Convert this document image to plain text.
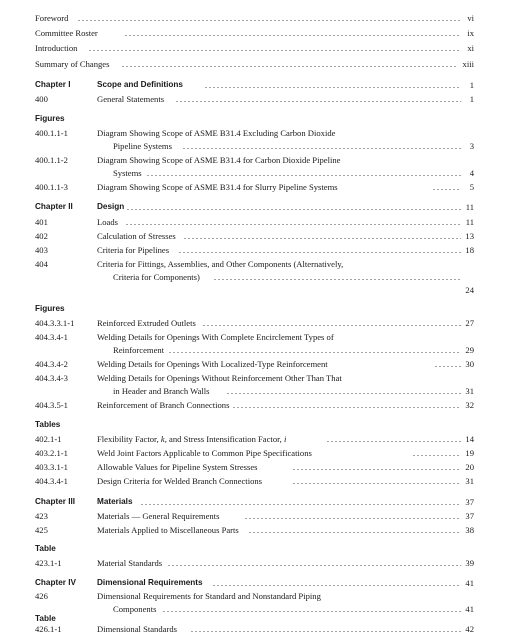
Foreword	vi
Committee Roster	ix
Introduction	xi
Summary of Changes	xiii
Chapter I	Scope and Definitions	1
400	General Statements	1
Figures
400.1.1-1	Diagram Showing Scope of ASME B31.4 Excluding Carbon Dioxide
Pipeline Systems	3
400.1.1-2	Diagram Showing Scope of ASME B31.4 for Carbon Dioxide Pipeline
Systems	4
400.1.1-3	Diagram Showing Scope of ASME B31.4 for Slurry Pipeline Systems	5
Chapter II	Design	11
401	Loads	11
402	Calculation of Stresses	13
403	Criteria for Pipelines	18
404	Criteria for Fittings, Assemblies, and Other Components (Alternatively,
Criteria for Components)
24
Figures
404.3.3.1-1	Reinforced Extruded Outlets	27
404.3.4-1	Welding Details for Openings With Complete Encirclement Types of
Reinforcement	29
404.3.4-2	Welding Details for Openings With Localized-Type Reinforcement	30
404.3.4-3	Welding Details for Openings Without Reinforcement Other Than That
in Header and Branch Walls	31
404.3.5-1	Reinforcement of Branch Connections	32
Tables
402.1-1	Flexibility Factor, k, and Stress Intensification Factor, i	14
403.2.1-1	Weld Joint Factors Applicable to Common Pipe Specifications	19
403.3.1-1	Allowable Values for Pipeline System Stresses	20
404.3.4-1	Design Criteria for Welded Branch Connections	31
Chapter III	Materials	37
423	Materials — General Requirements	37
425	Materials Applied to Miscellaneous Parts	38
Table
423.1-1	Material Standards	39
Chapter IV	Dimensional Requirements	41
426	Dimensional Requirements for Standard and Nonstandard Piping
Components	41
Table
426.1-1	Dimensional Standards	42
